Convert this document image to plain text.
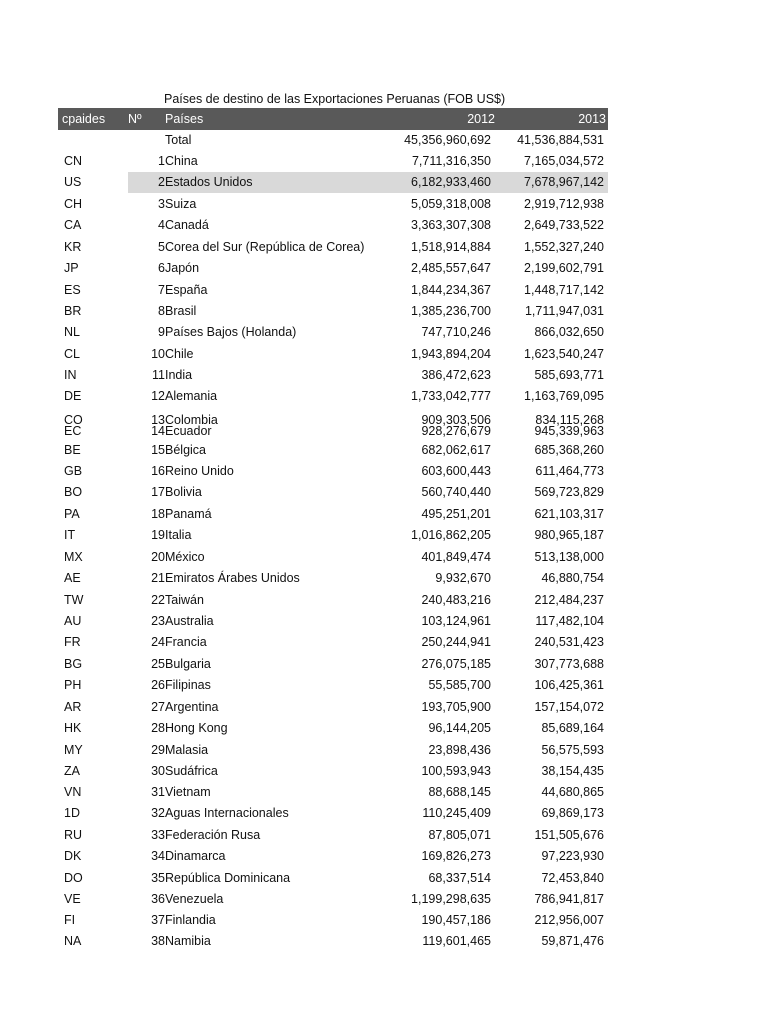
Países de destino de las Exportaciones Peruanas (FOB US$)
cpaides Nº Países	2012	2013
Total	45,356,960,692	41,536,884,531
CN	1 China	7,711,316,350	7,165,034,572
US	2 Estados Unidos	6,182,933,460	7,678,967,142
CH	3 Suiza	5,059,318,008	2,919,712,938
CA	4 Canadá	3,363,307,308	2,649,733,522
KR	5 Corea del Sur (República de Corea)	1,518,914,884	1,552,327,240
JP	6 Japón	2,485,557,647	2,199,602,791
ES	7 España	1,844,234,367	1,448,717,142
BR	8 Brasil	1,385,236,700	1,711,947,031
NL	9 Países Bajos (Holanda)	747,710,246	866,032,650
CL	10 Chile	1,943,894,204	1,623,540,247
IN	11 India	386,472,623	585,693,771
DE	12 Alemania	1,733,042,777	1,163,769,095
CO	13 Colombia	909,303,506	834,115,268
EC	14 Ecuador	928,276,679	945,339,963
BE	15 Bélgica	682,062,617	685,368,260
GB	16 Reino Unido	603,600,443	611,464,773
BO	17 Bolivia	560,740,440	569,723,829
PA	18 Panamá	495,251,201	621,103,317
IT	19 Italia	1,016,862,205	980,965,187
MX	20 México	401,849,474	513,138,000
AE	21 Emiratos Árabes Unidos	9,932,670	46,880,754
TW	22 Taiwán	240,483,216	212,484,237
AU	23 Australia	103,124,961	117,482,104
FR	24 Francia	250,244,941	240,531,423
BG	25 Bulgaria	276,075,185	307,773,688
PH	26 Filipinas	55,585,700	106,425,361
AR	27 Argentina	193,705,900	157,154,072
HK	28 Hong Kong	96,144,205	85,689,164
MY	29 Malasia	23,898,436	56,575,593
ZA	30 Sudáfrica	100,593,943	38,154,435
VN	31 Vietnam	88,688,145	44,680,865
1D	32 Aguas Internacionales	110,245,409	69,869,173
RU	33 Federación Rusa	87,805,071	151,505,676
DK	34 Dinamarca	169,826,273	97,223,930
DO	35 República Dominicana	68,337,514	72,453,840
VE	36 Venezuela	1,199,298,635	786,941,817
FI	37 Finlandia	190,457,186	212,956,007
NA	38 Namibia	119,601,465	59,871,476
